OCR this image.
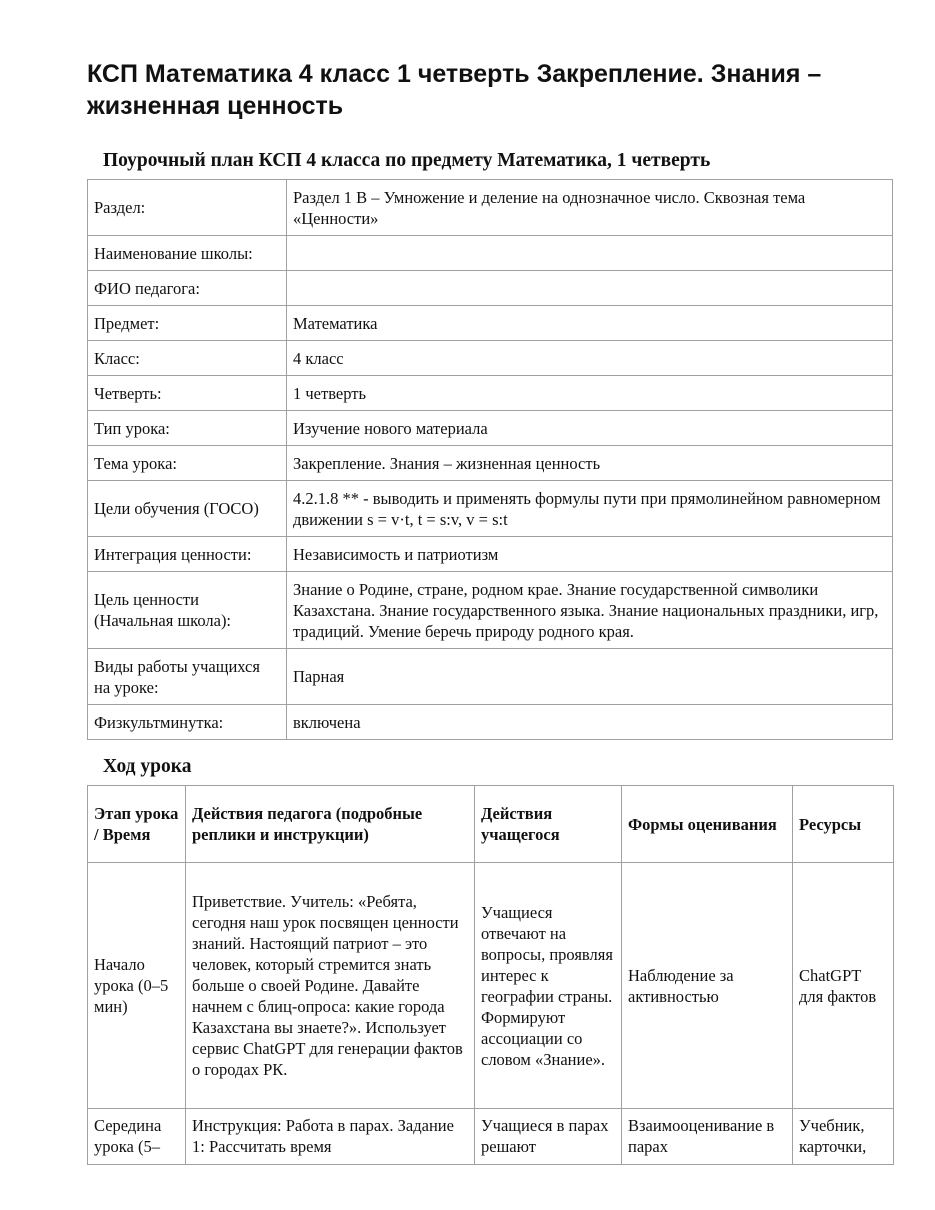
КСП Математика 4 класс 1 четверть Закрепление. Знания – жизненная ценность
Поурочный план КСП 4 класса по предмету Математика, 1 четверть
Раздел:	Раздел 1 В – Умножение и деление на однозначное число. Сквозная тема «Ценности»
Наименование школы:	
ФИО педагога:	
Предмет:	Математика
Класс:	4 класс
Четверть:	1 четверть
Тип урока:	Изучение нового материала
Тема урока:	Закрепление. Знания – жизненная ценность
Цели обучения (ГОСО)	4.2.1.8 ** - выводить и применять формулы пути при прямолинейном равномерном движении s = v·t, t = s:v, v = s:t
Интеграция ценности:	Независимость и патриотизм
Цель ценности (Начальная школа):	Знание о Родине, стране, родном крае. Знание государственной символики Казахстана. Знание государственного языка. Знание национальных праздники, игр, традиций. Умение беречь природу родного края.
Виды работы учащихся на уроке:	Парная
Физкультминутка:	включена
Ход урока
Этап урока / Время	Действия педагога (подробные реплики и инструкции)	Действия учащегося	Формы оценивания	Ресурсы
Начало урока (0–5 мин)	Приветствие. Учитель: «Ребята, сегодня наш урок посвящен ценности знаний. Настоящий патриот – это человек, который стремится знать больше о своей Родине. Давайте начнем с блиц-опроса: какие города Казахстана вы знаете?». Использует сервис ChatGPT для генерации фактов о городах РК.	Учащиеся отвечают на вопросы, проявляя интерес к географии страны. Формируют ассоциации со словом «Знание».	Наблюдение за активностью	ChatGPT для фактов
Середина урока (5–	Инструкция: Работа в парах. Задание 1: Рассчитать время	Учащиеся в парах решают	Взаимооценивание в парах	Учебник, карточки,
